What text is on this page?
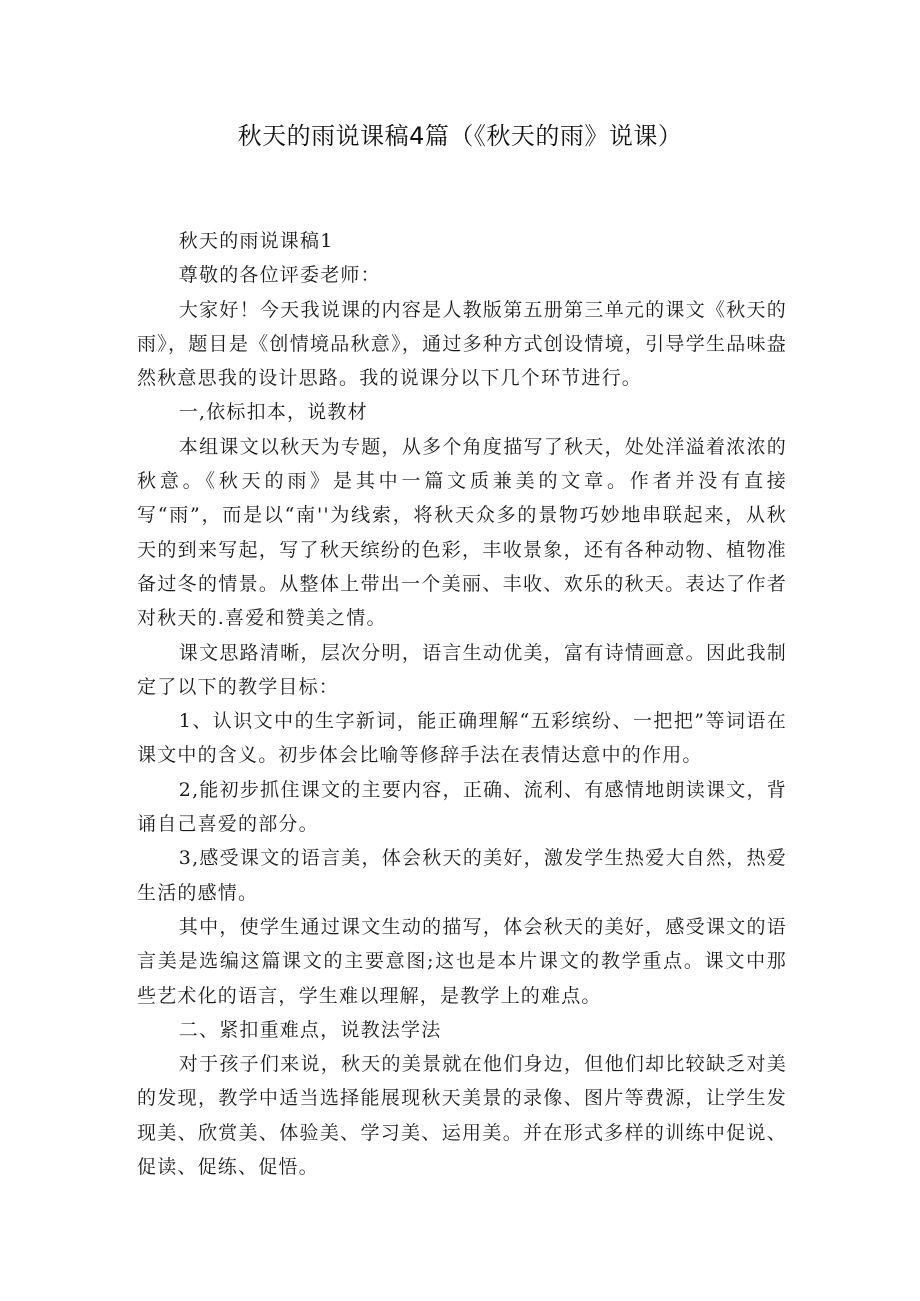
秋天的雨说课稿4篇（《秋天的雨》说课）

秋天的雨说课稿1

尊敬的各位评委老师：

大家好！今天我说课的内容是人教版第五册第三单元的课文《秋天的雨》，题目是《创情境品秋意》，通过多种方式创设情境，引导学生品味盎然秋意思我的设计思路。我的说课分以下几个环节进行。

一,依标扣本，说教材

本组课文以秋天为专题，从多个角度描写了秋天，处处洋溢着浓浓的秋意。《秋天的雨》是其中一篇文质兼美的文章。作者并没有直接写“雨”，而是以“南''为线索，将秋天众多的景物巧妙地串联起来，从秋天的到来写起，写了秋天缤纷的色彩，丰收景象，还有各种动物、植物准备过冬的情景。从整体上带出一个美丽、丰收、欢乐的秋天。表达了作者对秋天的.喜爱和赞美之情。

课文思路清晰，层次分明，语言生动优美，富有诗情画意。因此我制定了以下的教学目标：

1、认识文中的生字新词，能正确理解“五彩缤纷、一把把”等词语在课文中的含义。初步体会比喻等修辞手法在表情达意中的作用。

2,能初步抓住课文的主要内容，正确、流利、有感情地朗读课文，背诵自己喜爱的部分。

3,感受课文的语言美，体会秋天的美好，激发学生热爱大自然，热爱生活的感情。

其中，使学生通过课文生动的描写，体会秋天的美好，感受课文的语言美是选编这篇课文的主要意图;这也是本片课文的教学重点。课文中那些艺术化的语言，学生难以理解，是教学上的难点。

二、紧扣重难点，说教法学法

对于孩子们来说，秋天的美景就在他们身边，但他们却比较缺乏对美的发现，教学中适当选择能展现秋天美景的录像、图片等费源，让学生发现美、欣赏美、体验美、学习美、运用美。并在形式多样的训练中促说、促读、促练、促悟。
